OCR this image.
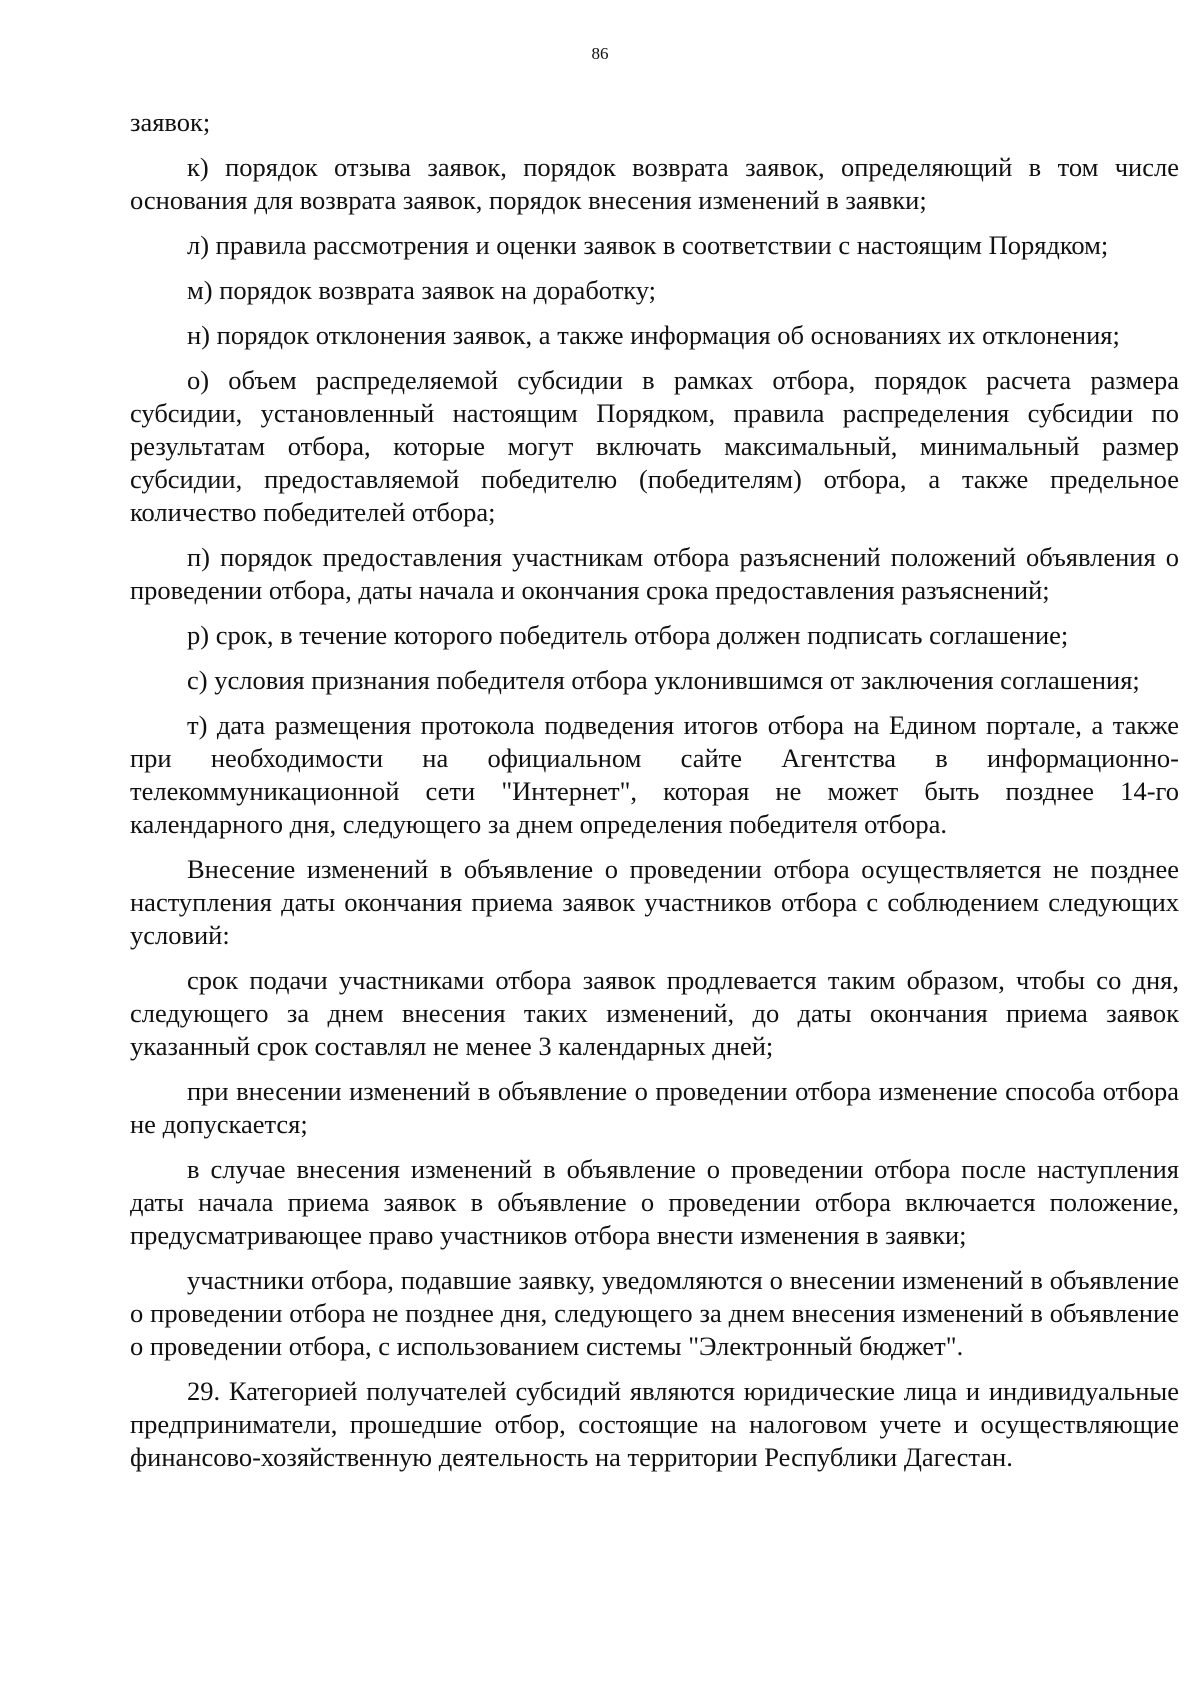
86

заявок;

к) порядок отзыва заявок, порядок возврата заявок, определяющий в том числе основания для возврата заявок, порядок внесения изменений в заявки;

л) правила рассмотрения и оценки заявок в соответствии с настоящим Порядком;

м) порядок возврата заявок на доработку;

н) порядок отклонения заявок, а также информация об основаниях их отклонения;

о) объем распределяемой субсидии в рамках отбора, порядок расчета размера субсидии, установленный настоящим Порядком, правила распределения субсидии по результатам отбора, которые могут включать максимальный, минимальный размер субсидии, предоставляемой победителю (победителям) отбора, а также предельное количество победителей отбора;

п) порядок предоставления участникам отбора разъяснений положений объявления о проведении отбора, даты начала и окончания срока предоставления разъяснений;

р) срок, в течение которого победитель отбора должен подписать соглашение;

с) условия признания победителя отбора уклонившимся от заключения соглашения;

т) дата размещения протокола подведения итогов отбора на Едином портале, а также при необходимости на официальном сайте Агентства в информационно-телекоммуникационной сети "Интернет", которая не может быть позднее 14-го календарного дня, следующего за днем определения победителя отбора.

Внесение изменений в объявление о проведении отбора осуществляется не позднее наступления даты окончания приема заявок участников отбора с соблюдением следующих условий:

срок подачи участниками отбора заявок продлевается таким образом, чтобы со дня, следующего за днем внесения таких изменений, до даты окончания приема заявок указанный срок составлял не менее 3 календарных дней;

при внесении изменений в объявление о проведении отбора изменение способа отбора не допускается;

в случае внесения изменений в объявление о проведении отбора после наступления даты начала приема заявок в объявление о проведении отбора включается положение, предусматривающее право участников отбора внести изменения в заявки;

участники отбора, подавшие заявку, уведомляются о внесении изменений в объявление о проведении отбора не позднее дня, следующего за днем внесения изменений в объявление о проведении отбора, с использованием системы "Электронный бюджет".

29. Категорией получателей субсидий являются юридические лица и индивидуальные предприниматели, прошедшие отбор, состоящие на налоговом учете и осуществляющие финансово-хозяйственную деятельность на территории Республики Дагестан.
